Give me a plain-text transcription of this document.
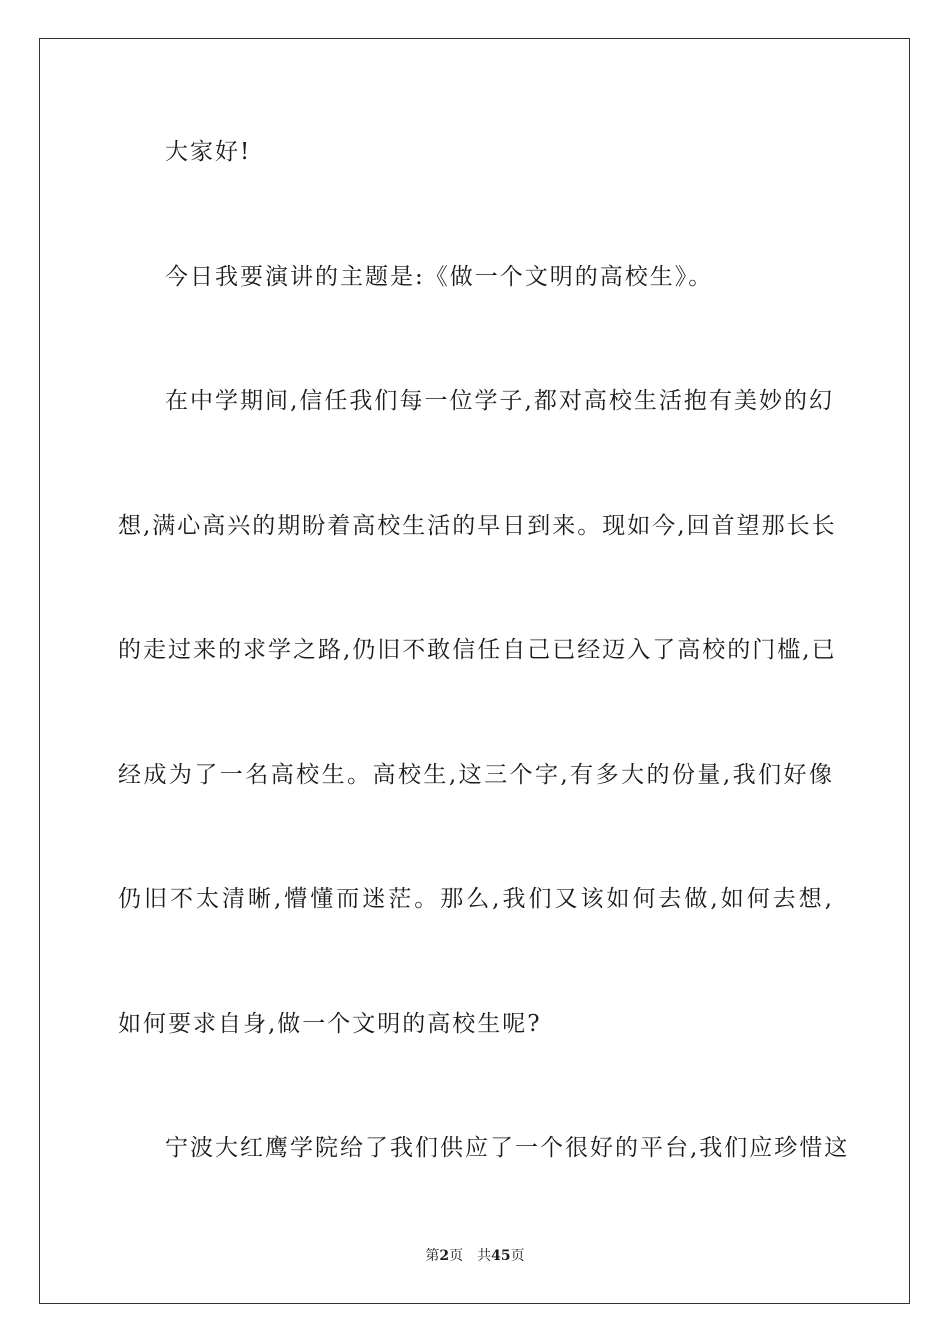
大家好!
今日我要演讲的主题是:《做一个文明的高校生》。
在中学期间,信任我们每一位学子,都对高校生活抱有美妙的幻
想,满心高兴的期盼着高校生活的早日到来。现如今,回首望那长长
的走过来的求学之路,仍旧不敢信任自己已经迈入了高校的门槛,已
经成为了一名高校生。高校生,这三个字,有多大的份量,我们好像
仍旧不太清晰,懵懂而迷茫。那么,我们又该如何去做,如何去想,
如何要求自身,做一个文明的高校生呢?
宁波大红鹰学院给了我们供应了一个很好的平台,我们应珍惜这
第2页 共45页
